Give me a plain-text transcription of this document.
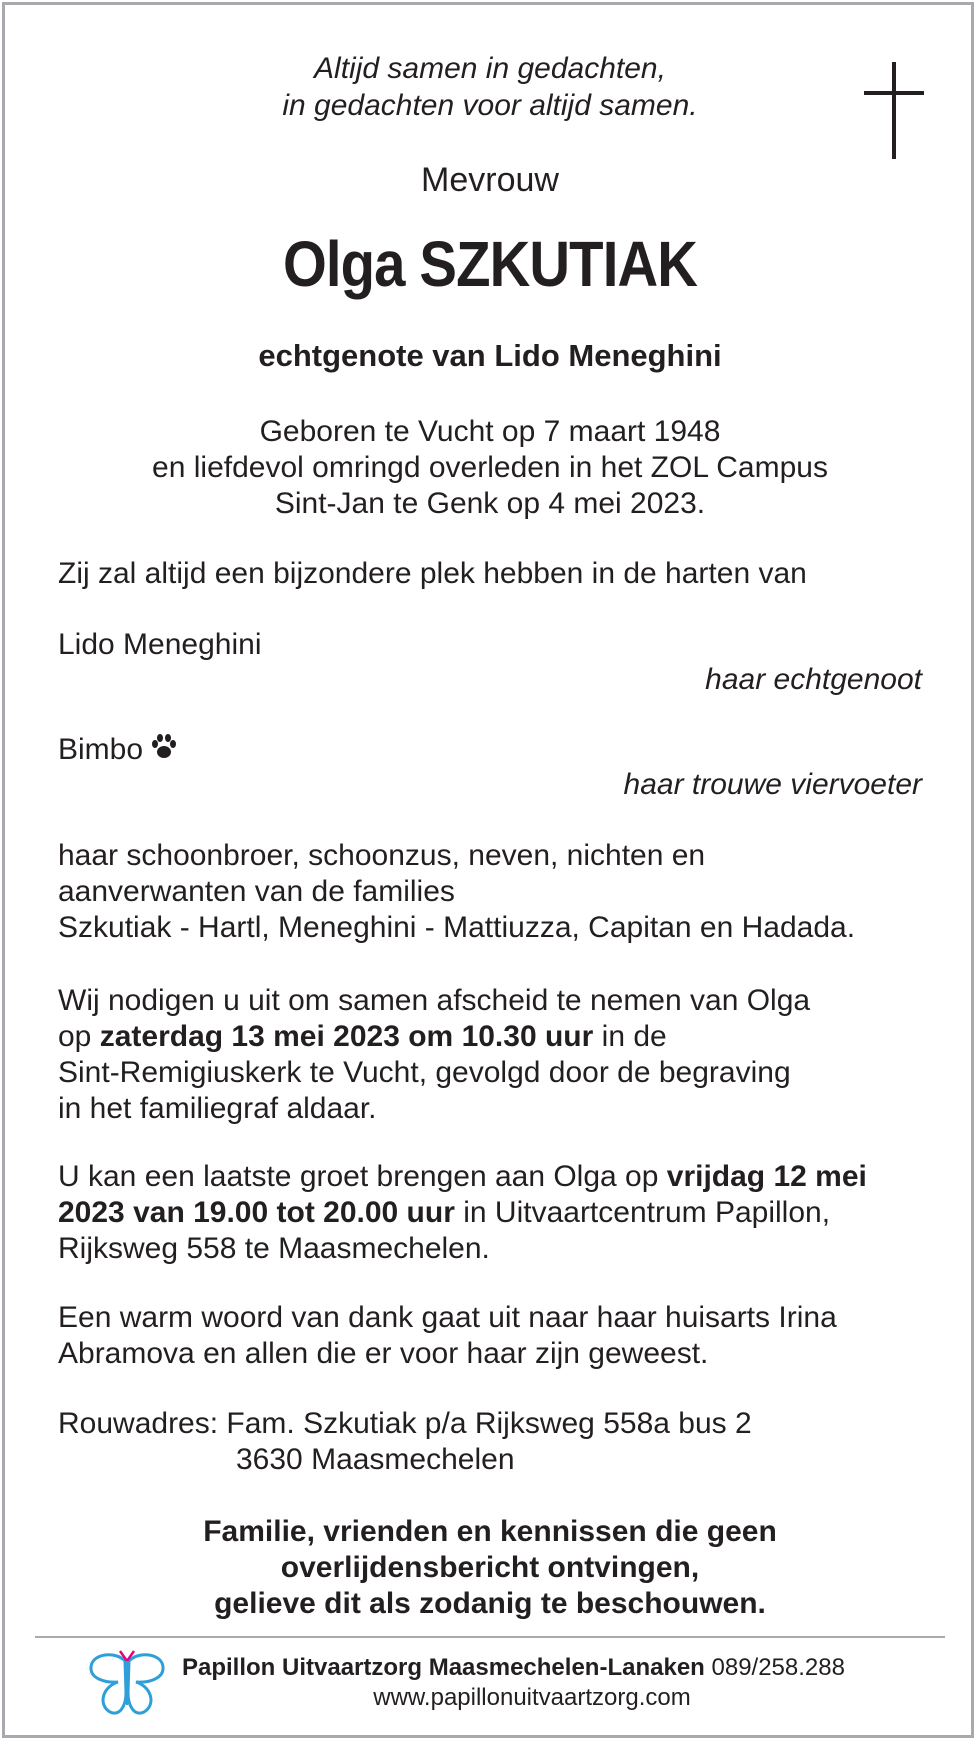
Altijd samen in gedachten,
in gedachten voor altijd samen.
Mevrouw
Olga SZKUTIAK
echtgenote van Lido Meneghini
Geboren te Vucht op 7 maart 1948
en liefdevol omringd overleden in het ZOL Campus
Sint-Jan te Genk op 4 mei 2023.
Zij zal altijd een bijzondere plek hebben in de harten van
Lido Meneghini
haar echtgenoot
Bimbo
haar trouwe viervoeter
haar schoonbroer, schoonzus, neven, nichten en
aanverwanten van de families
Szkutiak - Hartl, Meneghini - Mattiuzza, Capitan en Hadada.
Wij nodigen u uit om samen afscheid te nemen van Olga
op zaterdag 13 mei 2023 om 10.30 uur in de
Sint-Remigiuskerk te Vucht, gevolgd door de begraving
in het familiegraf aldaar.
U kan een laatste groet brengen aan Olga op vrijdag 12 mei
2023 van 19.00 tot 20.00 uur in Uitvaartcentrum Papillon,
Rijksweg 558 te Maasmechelen.
Een warm woord van dank gaat uit naar haar huisarts Irina
Abramova en allen die er voor haar zijn geweest.
Rouwadres: Fam. Szkutiak p/a Rijksweg 558a bus 2
3630 Maasmechelen
Familie, vrienden en kennissen die geen
overlijdensbericht ontvingen,
gelieve dit als zodanig te beschouwen.
Papillon Uitvaartzorg Maasmechelen-Lanaken 089/258.288
www.papillonuitvaartzorg.com
